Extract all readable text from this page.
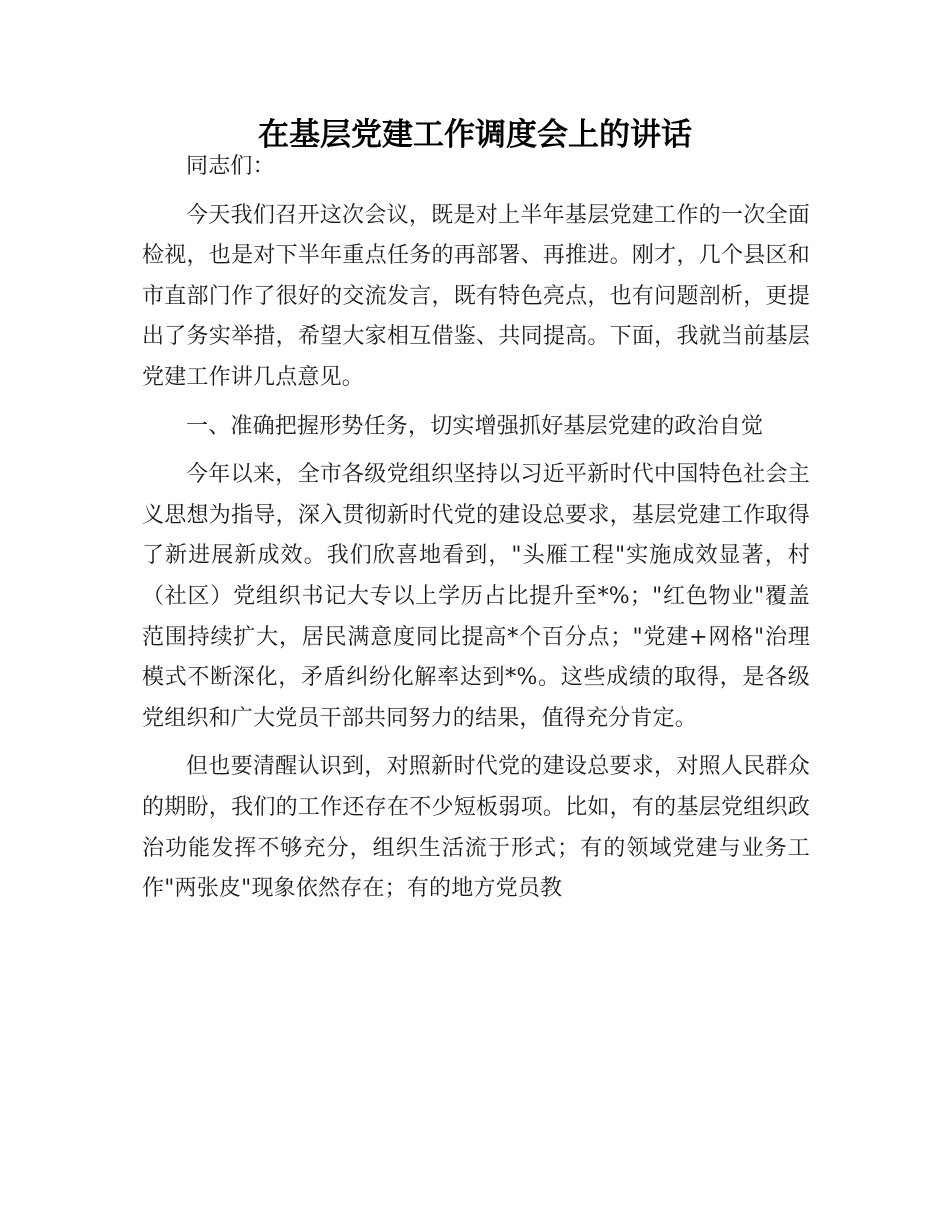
在基层党建工作调度会上的讲话

同志们：

今天我们召开这次会议，既是对上半年基层党建工作的一次全面检视，也是对下半年重点任务的再部署、再推进。刚才，几个县区和市直部门作了很好的交流发言，既有特色亮点，也有问题剖析，更提出了务实举措，希望大家相互借鉴、共同提高。下面，我就当前基层党建工作讲几点意见。

一、准确把握形势任务，切实增强抓好基层党建的政治自觉

今年以来，全市各级党组织坚持以习近平新时代中国特色社会主义思想为指导，深入贯彻新时代党的建设总要求，基层党建工作取得了新进展新成效。我们欣喜地看到，"头雁工程"实施成效显著，村（社区）党组织书记大专以上学历占比提升至*%；"红色物业"覆盖范围持续扩大，居民满意度同比提高*个百分点；"党建+网格"治理模式不断深化，矛盾纠纷化解率达到*%。这些成绩的取得，是各级党组织和广大党员干部共同努力的结果，值得充分肯定。

但也要清醒认识到，对照新时代党的建设总要求，对照人民群众的期盼，我们的工作还存在不少短板弱项。比如，有的基层党组织政治功能发挥不够充分，组织生活流于形式；有的领域党建与业务工作"两张皮"现象依然存在；有的地方党员教
